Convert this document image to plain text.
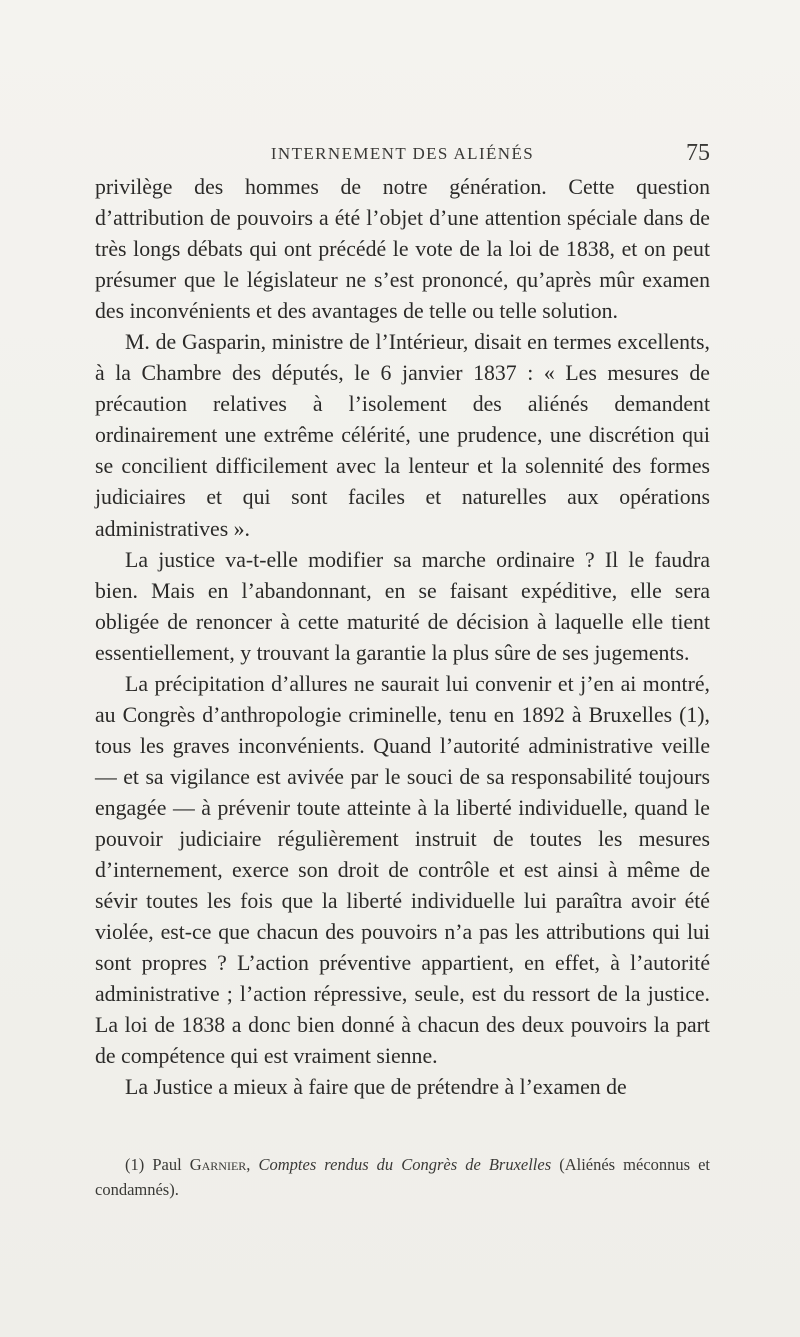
INTERNEMENT DES ALIÉNÉS	75

privilège des hommes de notre génération. Cette question d’attribution de pouvoirs a été l’objet d’une attention spéciale dans de très longs débats qui ont précédé le vote de la loi de 1838, et on peut présumer que le législateur ne s’est prononcé, qu’après mûr examen des inconvénients et des avantages de telle ou telle solution.

M. de Gasparin, ministre de l’Intérieur, disait en termes excellents, à la Chambre des députés, le 6 janvier 1837 : « Les mesures de précaution relatives à l’isolement des aliénés demandent ordinairement une extrême célérité, une prudence, une discrétion qui se concilient difficilement avec la lenteur et la solennité des formes judiciaires et qui sont faciles et naturelles aux opérations administratives ».

La justice va-t-elle modifier sa marche ordinaire ? Il le faudra bien. Mais en l’abandonnant, en se faisant expéditive, elle sera obligée de renoncer à cette maturité de décision à laquelle elle tient essentiellement, y trouvant la garantie la plus sûre de ses jugements.

La précipitation d’allures ne saurait lui convenir et j’en ai montré, au Congrès d’anthropologie criminelle, tenu en 1892 à Bruxelles (1), tous les graves inconvénients. Quand l’autorité administrative veille — et sa vigilance est avivée par le souci de sa responsabilité toujours engagée — à prévenir toute atteinte à la liberté individuelle, quand le pouvoir judiciaire régulièrement instruit de toutes les mesures d’internement, exerce son droit de contrôle et est ainsi à même de sévir toutes les fois que la liberté individuelle lui paraîtra avoir été violée, est-ce que chacun des pouvoirs n’a pas les attributions qui lui sont propres ? L’action préventive appartient, en effet, à l’autorité administrative ; l’action répressive, seule, est du ressort de la justice. La loi de 1838 a donc bien donné à chacun des deux pouvoirs la part de compétence qui est vraiment sienne.

La Justice a mieux à faire que de prétendre à l’examen de

(1) Paul Garnier, Comptes rendus du Congrès de Bruxelles (Aliénés méconnus et condamnés).
